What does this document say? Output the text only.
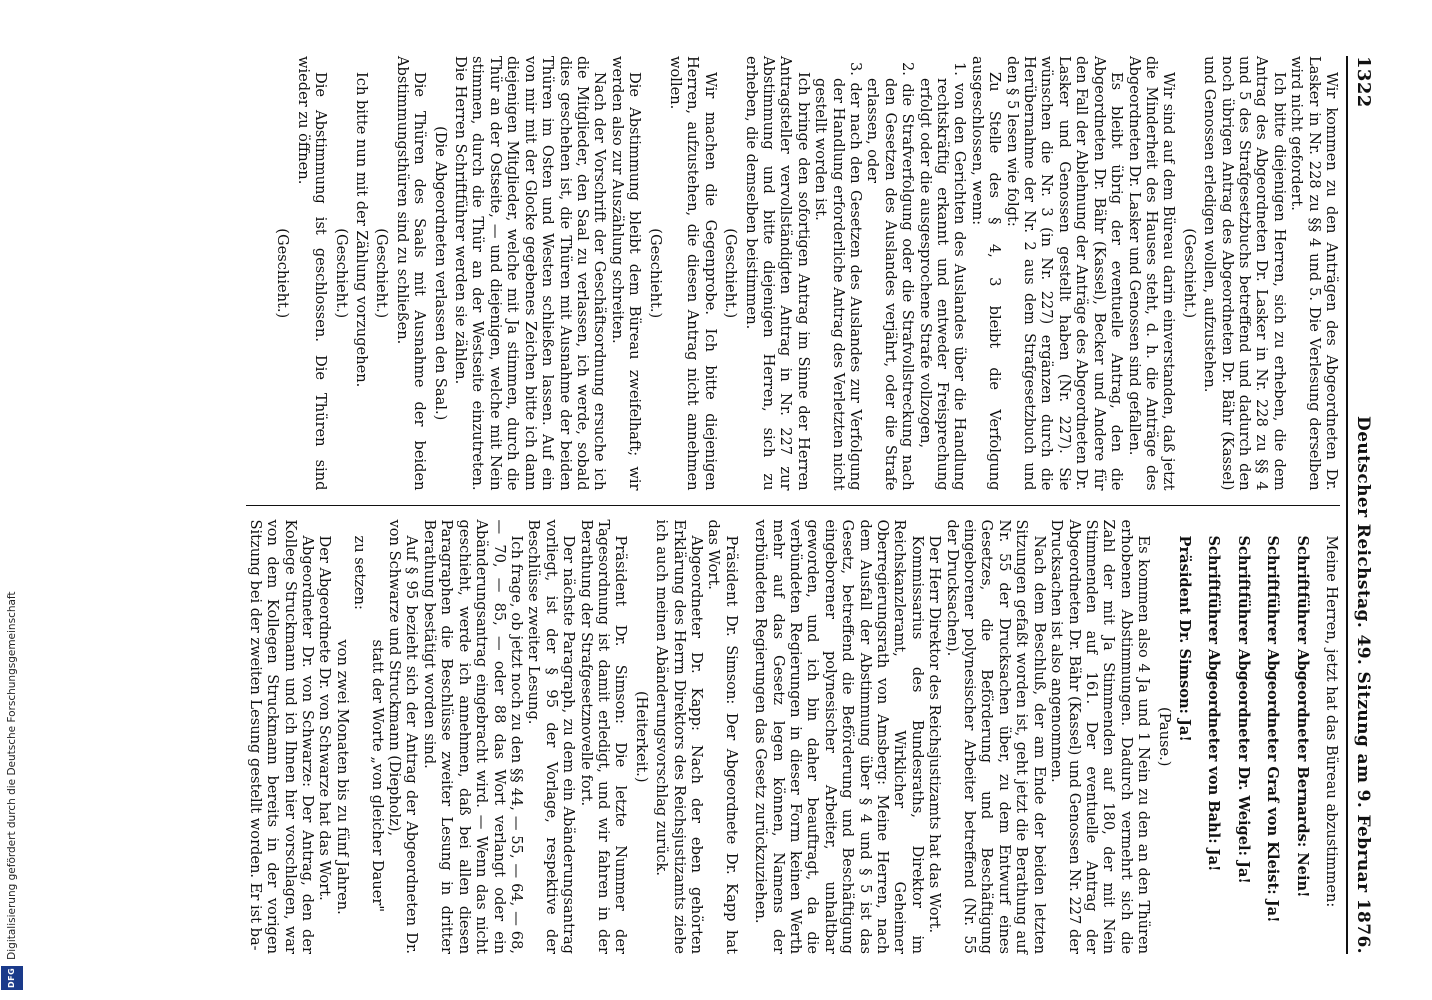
DFG
Digitalisierung gefördert durch die Deutsche Forschungsgemeinschaft
1322
Deutscher Reichstag. 49. Sitzung am 9. Februar 1876.

Wir kommen zu den Anträgen des Abgeordneten Dr. Lasker in Nr. 228 zu §§ 4 und 5. Die Verlesung derselben wird nicht gefordert.

Ich bitte diejenigen Herren, sich zu erheben, die dem Antrag des Abgeordneten Dr. Lasker in Nr. 228 zu §§ 4 und 5 des Strafgesetzbuchs betreffend und dadurch den noch übrigen Antrag des Abgeordneten Dr. Bähr (Kassel) und Genossen erledigen wollen, aufzustehen.

(Geschieht.)

Wir sind auf dem Büreau darin einverstanden, daß jetzt die Minderheit des Hauses steht, d. h. die Anträge des Abgeordneten Dr. Lasker und Genossen sind gefallen.

Es bleibt übrig der eventuelle Antrag, den die Abgeordneten Dr. Bähr (Kassel), Becker und Andere für den Fall der Ablehnung der Anträge des Abgeordneten Dr. Lasker und Genossen gestellt haben (Nr. 227). Sie wünschen die Nr. 3 (in Nr. 227) ergänzen durch die Herübernahme der Nr. 2 aus dem Strafgesetzbuch und den § 5 lesen wie folgt:

Zu Stelle des § 4, 3 bleibt die Verfolgung ausgeschlossen, wenn:

1. von den Gerichten des Auslandes über die Handlung rechtskräftig erkannt und entweder Freisprechung erfolgt oder die ausgesprochene Strafe vollzogen,

2. die Strafverfolgung oder die Strafvollstreckung nach den Gesetzen des Auslandes verjährt, oder die Strafe erlassen, oder

3. der nach den Gesetzen des Auslandes zur Verfolgung der Handlung erforderliche Antrag des Verletzten nicht gestellt worden ist.

Ich bringe den sofortigen Antrag im Sinne der Herren Antragsteller vervollständigten Antrag in Nr. 227 zur Abstimmung und bitte diejenigen Herren, sich zu erheben, die demselben beistimmen.

(Geschieht.)

Wir machen die Gegenprobe. Ich bitte diejenigen Herren, aufzustehen, die diesen Antrag nicht annehmen wollen.

(Geschieht.)

Die Abstimmung bleibt dem Büreau zweifelhaft; wir werden also zur Auszählung schreiten.

Nach der Vorschrift der Geschäftsordnung ersuche ich die Mitglieder, den Saal zu verlassen, ich werde, sobald dies geschehen ist, die Thüren mit Ausnahme der beiden Thüren im Osten und Westen schließen lassen. Auf ein von mir mit der Glocke gegebenes Zeichen bitte ich dann diejenigen Mitglieder, welche mit Ja stimmen, durch die Thür an der Ostseite, — und diejenigen, welche mit Nein stimmen, durch die Thür an der Westseite einzutreten. Die Herren Schriftführer werden sie zählen.

(Die Abgeordneten verlassen den Saal.)

Die Thüren des Saals mit Ausnahme der beiden Abstimmungsthüren sind zu schließen.

(Geschieht.)

Ich bitte nun mit der Zählung vorzugehen.

(Geschieht.)

Die Abstimmung ist geschlossen. Die Thüren sind wieder zu öffnen.

(Geschieht.)

Meine Herren, jetzt hat das Büreau abzustimmen:

Schriftführer Abgeordneter Bernards: Nein!

Schriftführer Abgeordneter Graf von Kleist: Ja!

Schriftführer Abgeordneter Dr. Weigel: Ja!

Schriftführer Abgeordneter von Bahl: Ja!

Präsident Dr. Simson: Ja!

(Pause.)

Es kommen also 4 Ja und 1 Nein zu den an den Thüren erhobenen Abstimmungen. Dadurch vermehrt sich die Zahl der mit Ja Stimmenden auf 180, der mit Nein Stimmenden auf 161. Der eventuelle Antrag der Abgeordneten Dr. Bähr (Kassel) und Genossen Nr. 227 der Drucksachen ist also angenommen.

Nach dem Beschluß, der am Ende der beiden letzten Sitzungen gefaßt worden ist, geht jetzt die Berathung auf Nr. 55 der Drucksachen über, zu dem Entwurf eines Gesetzes, die Beförderung und Beschäftigung eingeborener polynesischer Arbeiter betreffend (Nr. 55 der Drucksachen).

Der Herr Direktor des Reichsjustizamts hat das Wort.

Kommissarius des Bundesraths, Direktor im Reichskanzleramt, Wirklicher Geheimer Oberregierungsrath von Amsberg: Meine Herren, nach dem Ausfall der Abstimmung über § 4 und § 5 ist das Gesetz, betreffend die Beförderung und Beschäftigung eingeborener polynesischer Arbeiter, unhaltbar geworden, und ich bin daher beauftragt, da die verbündeten Regierungen in dieser Form keinen Werth mehr auf das Gesetz legen können, Namens der verbündeten Regierungen das Gesetz zurückzuziehen.

Präsident Dr. Simson: Der Abgeordnete Dr. Kapp hat das Wort.

Abgeordneter Dr. Kapp: Nach der eben gehörten Erklärung des Herrn Direktors des Reichsjustizamts ziehe ich auch meinen Abänderungsvorschlag zurück.

(Heiterkeit.)

Präsident Dr. Simson: Die letzte Nummer der Tagesordnung ist damit erledigt, und wir fahren in der Berathung der Strafgesetznovelle fort.

Der nächste Paragraph, zu dem ein Abänderungsantrag vorliegt, ist der § 95 der Vorlage, respektive der Beschlüsse zweiter Lesung.

Ich frage, ob jetzt noch zu den §§ 44, — 55, — 64, — 68, — 70, — 85, — oder 88 das Wort verlangt oder ein Abänderungsantrag eingebracht wird. — Wenn das nicht geschieht, werde ich annehmen, daß bei allen diesen Paragraphen die Beschlüsse zweiter Lesung in dritter Berathung bestätigt worden sind.

Auf § 95 bezieht sich der Antrag der Abgeordneten Dr. von Schwarze und Struckmann (Diepholz),

statt der Worte „von gleicher Dauer"

zu setzen:

von zwei Monaten bis zu fünf Jahren.

Der Abgeordnete Dr. von Schwarze hat das Wort.

Abgeordneter Dr. von Schwarze: Der Antrag, den der Kollege Struckmann und ich Ihnen hier vorschlagen, war von dem Kollegen Struckmann bereits in der vorigen Sitzung bei der zweiten Lesung gestellt worden. Er ist ba-
